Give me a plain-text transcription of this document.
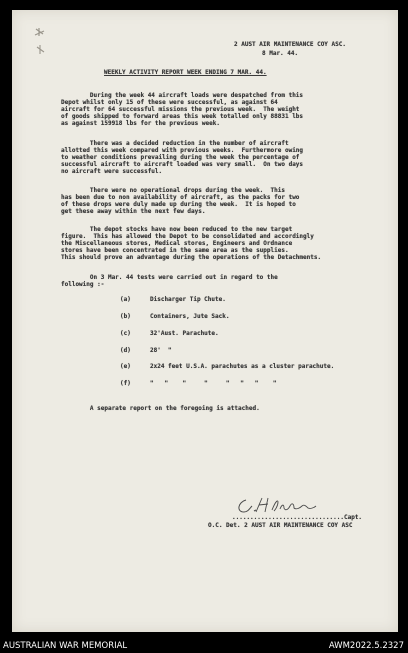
2 AUST AIR MAINTENANCE COY ASC.

8 Mar. 44.

WEEKLY ACTIVITY REPORT WEEK ENDING 7 MAR. 44.

During the week 44 aircraft loads were despatched from this

Depot whilst only 15 of these were successful, as against 64

aircraft for 64 successful missions the previous week.  The weight

of goods shipped to forward areas this week totalled only 88831 lbs

as against 159918 lbs for the previous week.

There was a decided reduction in the number of aircraft

allotted this week compared with previous weeks.  Furthermore owing

to weather conditions prevailing during the week the percentage of

successful aircraft to aircraft loaded was very small.  On two days

no aircraft were successful.

There were no operational drops during the week.  This

has been due to non availability of aircraft, as the packs for two

of these drops were duly made up during the week.  It is hoped to

get these away within the next few days.

The depot stocks have now been reduced to the new target

figure.  This has allowed the Depot to be consolidated and accordingly

the Miscellaneous stores, Medical stores, Engineers and Ordnance

stores have been concentrated in the same area as the supplies.

This should prove an advantage during the operations of the Detachments.

On 3 Mar. 44 tests were carried out in regard to the

following :-

(a)	Discharger Tip Chute.

(b)	Containers, Jute Sack.

(c)	32'Aust. Parachute.

(d)	28'  "

(e)	2x24 feet U.S.A. parachutes as a cluster parachute.

(f)	"   "    "     "     "   "   "    "

A separate report on the foregoing is attached.

...............................Capt.

O.C. Det. 2 AUST AIR MAINTENANCE COY ASC

AUSTRALIAN WAR MEMORIAL	AWM2022.5.2327
